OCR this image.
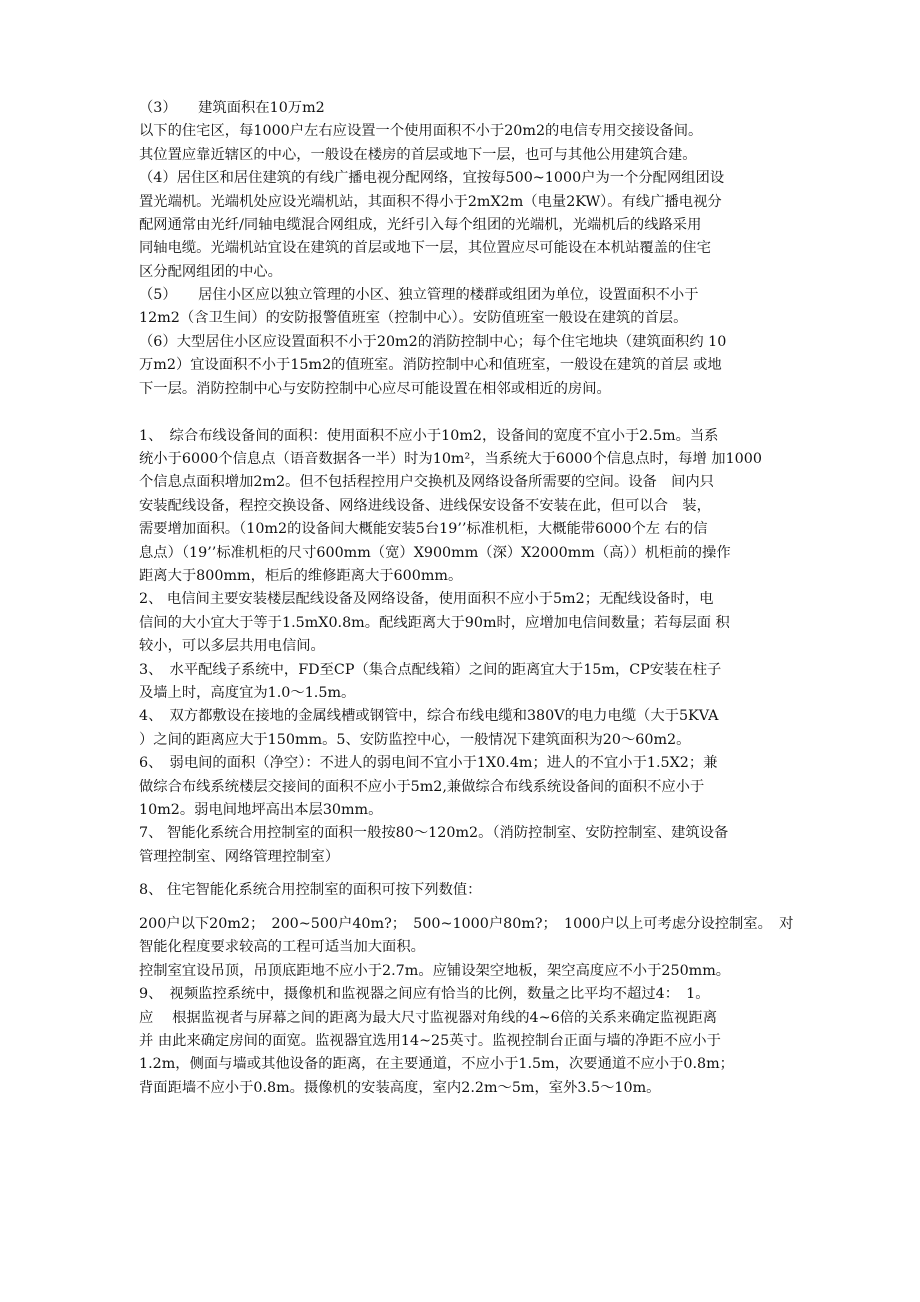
（3）　　建筑面积在10万m2
以下的住宅区，每1000户左右应设置一个使用面积不小于20m2的电信专用交接设备间。
其位置应靠近辖区的中心，一般设在楼房的首层或地下一层，也可与其他公用建筑合建。
（4）居住区和居住建筑的有线广播电视分配网络，宜按每500~1000户为一个分配网组团设
置光端机。光端机处应设光端机站，其面积不得小于2mX2m（电量2KW）。有线广播电视分
配网通常由光纤/同轴电缆混合网组成，光纤引入每个组团的光端机，光端机后的线路采用
同轴电缆。光端机站宜设在建筑的首层或地下一层，其位置应尽可能设在本机站覆盖的住宅
区分配网组团的中心。
（5）　　居住小区应以独立管理的小区、独立管理的楼群或组团为单位，设置面积不小于
12m2（含卫生间）的安防报警值班室（控制中心）。安防值班室一般设在建筑的首层。
（6）大型居住小区应设置面积不小于20m2的消防控制中心；每个住宅地块（建筑面积约 10
万m2）宜设面积不小于15m2的值班室。消防控制中心和值班室，一般设在建筑的首层 或地
下一层。消防控制中心与安防控制中心应尽可能设置在相邻或相近的房间。
1、　综合布线设备间的面积：使用面积不应小于10m2，设备间的宽度不宜小于2.5m。当系
统小于6000个信息点（语音数据各一半）时为10m²，当系统大于6000个信息点时，每增 加1000
个信息点面积增加2m2。但不包括程控用户交换机及网络设备所需要的空间。设备　间内只
安装配线设备，程控交换设备、网络进线设备、进线保安设备不安装在此，但可以合　装，
需要增加面积。（10m2的设备间大概能安装5台19’’标准机柜，大概能带6000个左 右的信
息点）（19’’标准机柜的尺寸600mm（宽）X900mm（深）X2000mm（高））机柜前的操作
距离大于800mm，柜后的维修距离大于600mm。
2、 电信间主要安装楼层配线设备及网络设备，使用面积不应小于5m2；无配线设备时，电
信间的大小宜大于等于1.5mX0.8m。配线距离大于90m时，应增加电信间数量；若每层面 积
较小，可以多层共用电信间。
3、　水平配线子系统中，FD至CP（集合点配线箱）之间的距离宜大于15m，CP安装在柱子
及墙上时，高度宜为1.0～1.5m。
4、　双方都敷设在接地的金属线槽或钢管中，综合布线电缆和380V的电力电缆（大于5KVA
）之间的距离应大于150mm。5、安防监控中心，一般情况下建筑面积为20～60m2。
6、　弱电间的面积（净空）：不进人的弱电间不宜小于1X0.4m；进人的不宜小于1.5X2；兼
做综合布线系统楼层交接间的面积不应小于5m2,兼做综合布线系统设备间的面积不应小于
10m2。弱电间地坪高出本层30mm。
7、 智能化系统合用控制室的面积一般按80～120m2。（消防控制室、安防控制室、建筑设备
管理控制室、网络管理控制室）
8、 住宅智能化系统合用控制室的面积可按下列数值：
200户以下20m2；　200~500户40m?；　500~1000户80m?；　1000户以上可考虑分设控制室。　对
智能化程度要求较高的工程可适当加大面积。
控制室宜设吊顶，吊顶底距地不应小于2.7m。应铺设架空地板，架空高度应不小于250mm。
9、　视频监控系统中，摄像机和监视器之间应有恰当的比例，数量之比平均不超过4：　1。
应　 根据监视者与屏幕之间的距离为最大尺寸监视器对角线的4~6倍的关系来确定监视距离
并 由此来确定房间的面宽。监视器宜选用14~25英寸。监视控制台正面与墙的净距不应小于
1.2m，侧面与墙或其他设备的距离，在主要通道，不应小于1.5m，次要通道不应小于0.8m；
背面距墙不应小于0.8m。摄像机的安装高度，室内2.2m～5m，室外3.5～10m。
